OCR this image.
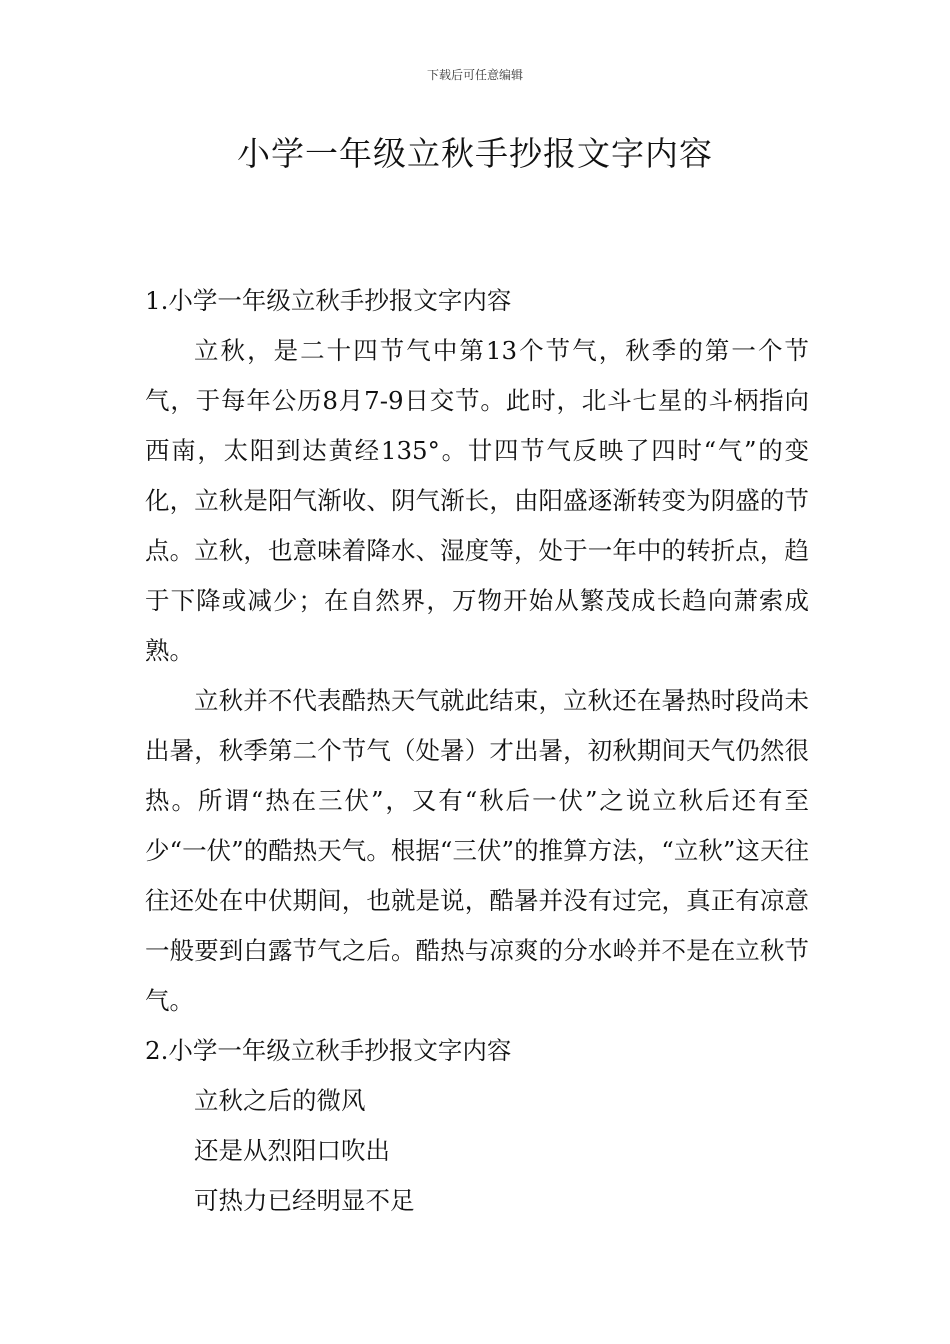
下载后可任意编辑
小学一年级立秋手抄报文字内容

1.小学一年级立秋手抄报文字内容

立秋，是二十四节气中第13个节气，秋季的第一个节气，于每年公历8月7-9日交节。此时，北斗七星的斗柄指向西南，太阳到达黄经135°。廿四节气反映了四时“气”的变化，立秋是阳气渐收、阴气渐长，由阳盛逐渐转变为阴盛的节点。立秋，也意味着降水、湿度等，处于一年中的转折点，趋于下降或减少；在自然界，万物开始从繁茂成长趋向萧索成熟。

立秋并不代表酷热天气就此结束，立秋还在暑热时段尚未出暑，秋季第二个节气（处暑）才出暑，初秋期间天气仍然很热。所谓“热在三伏”，又有“秋后一伏”之说立秋后还有至少“一伏”的酷热天气。根据“三伏”的推算方法，“立秋”这天往往还处在中伏期间，也就是说，酷暑并没有过完，真正有凉意一般要到白露节气之后。酷热与凉爽的分水岭并不是在立秋节气。

2.小学一年级立秋手抄报文字内容

立秋之后的微风

还是从烈阳口吹出

可热力已经明显不足
